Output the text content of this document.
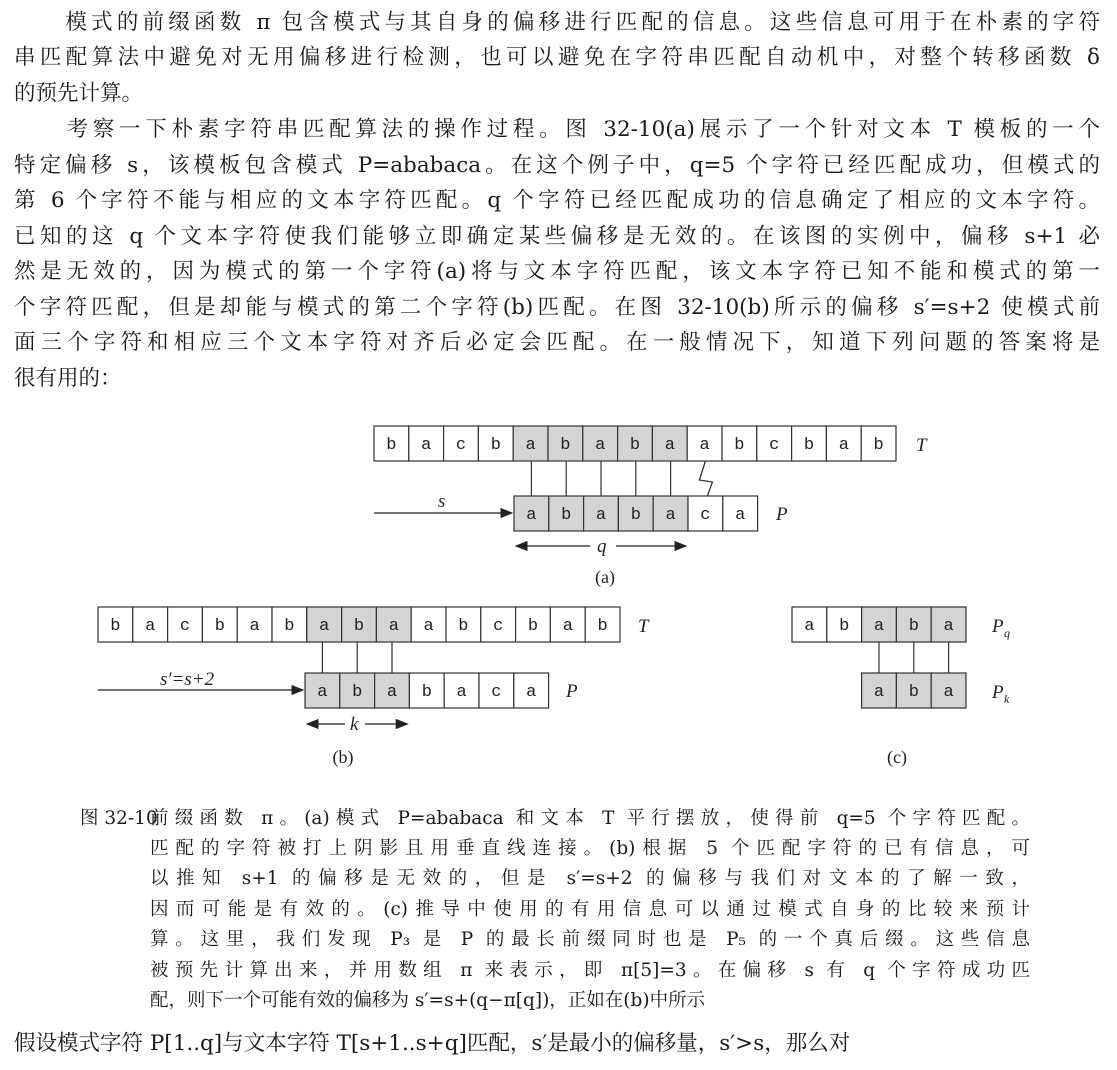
　　模式的前缀函数 π 包含模式与其自身的偏移进行匹配的信息。这些信息可用于在朴素的字符
串匹配算法中避免对无用偏移进行检测，也可以避免在字符串匹配自动机中，对整个转移函数 δ
的预先计算。
　　考察一下朴素字符串匹配算法的操作过程。图 32-10(a)展示了一个针对文本 T 模板的一个
特定偏移 s，该模板包含模式 P=ababaca。在这个例子中，q=5 个字符已经匹配成功，但模式的
第 6 个字符不能与相应的文本字符匹配。q 个字符已经匹配成功的信息确定了相应的文本字符。
已知的这 q 个文本字符使我们能够立即确定某些偏移是无效的。在该图的实例中，偏移 s+1 必
然是无效的，因为模式的第一个字符(a)将与文本字符匹配，该文本字符已知不能和模式的第一
个字符匹配，但是却能与模式的第二个字符(b)匹配。在图 32-10(b)所示的偏移 s′=s+2 使模式前
面三个字符和相应三个文本字符对齐后必定会匹配。在一般情况下，知道下列问题的答案将是
很有用的：
b a c b a b a b a a b c b a b T
a b a b a c a P
s
q
(a)
b a c b a b a b a a b c b a b T
a b a b a c a P
s′=s+2
k
(b)
a b a b a P q
a b a P k
(c)
图 32-10
前缀函数 π。(a)模式 P=ababaca 和文本 T 平行摆放，使得前 q=5 个字符匹配。
匹配的字符被打上阴影且用垂直线连接。(b)根据 5 个匹配字符的已有信息，可
以推知 s+1 的偏移是无效的，但是 s′=s+2 的偏移与我们对文本的了解一致，
因而可能是有效的。(c)推导中使用的有用信息可以通过模式自身的比较来预计
算。这里，我们发现 P₃ 是 P 的最长前缀同时也是 P₅ 的一个真后缀。这些信息
被预先计算出来，并用数组 π 来表示，即 π[5]=3。在偏移 s 有 q 个字符成功匹
配，则下一个可能有效的偏移为 s′=s+(q−π[q])，正如在(b)中所示
假设模式字符 P[1..q]与文本字符 T[s+1..s+q]匹配，s′是最小的偏移量，s′>s，那么对
